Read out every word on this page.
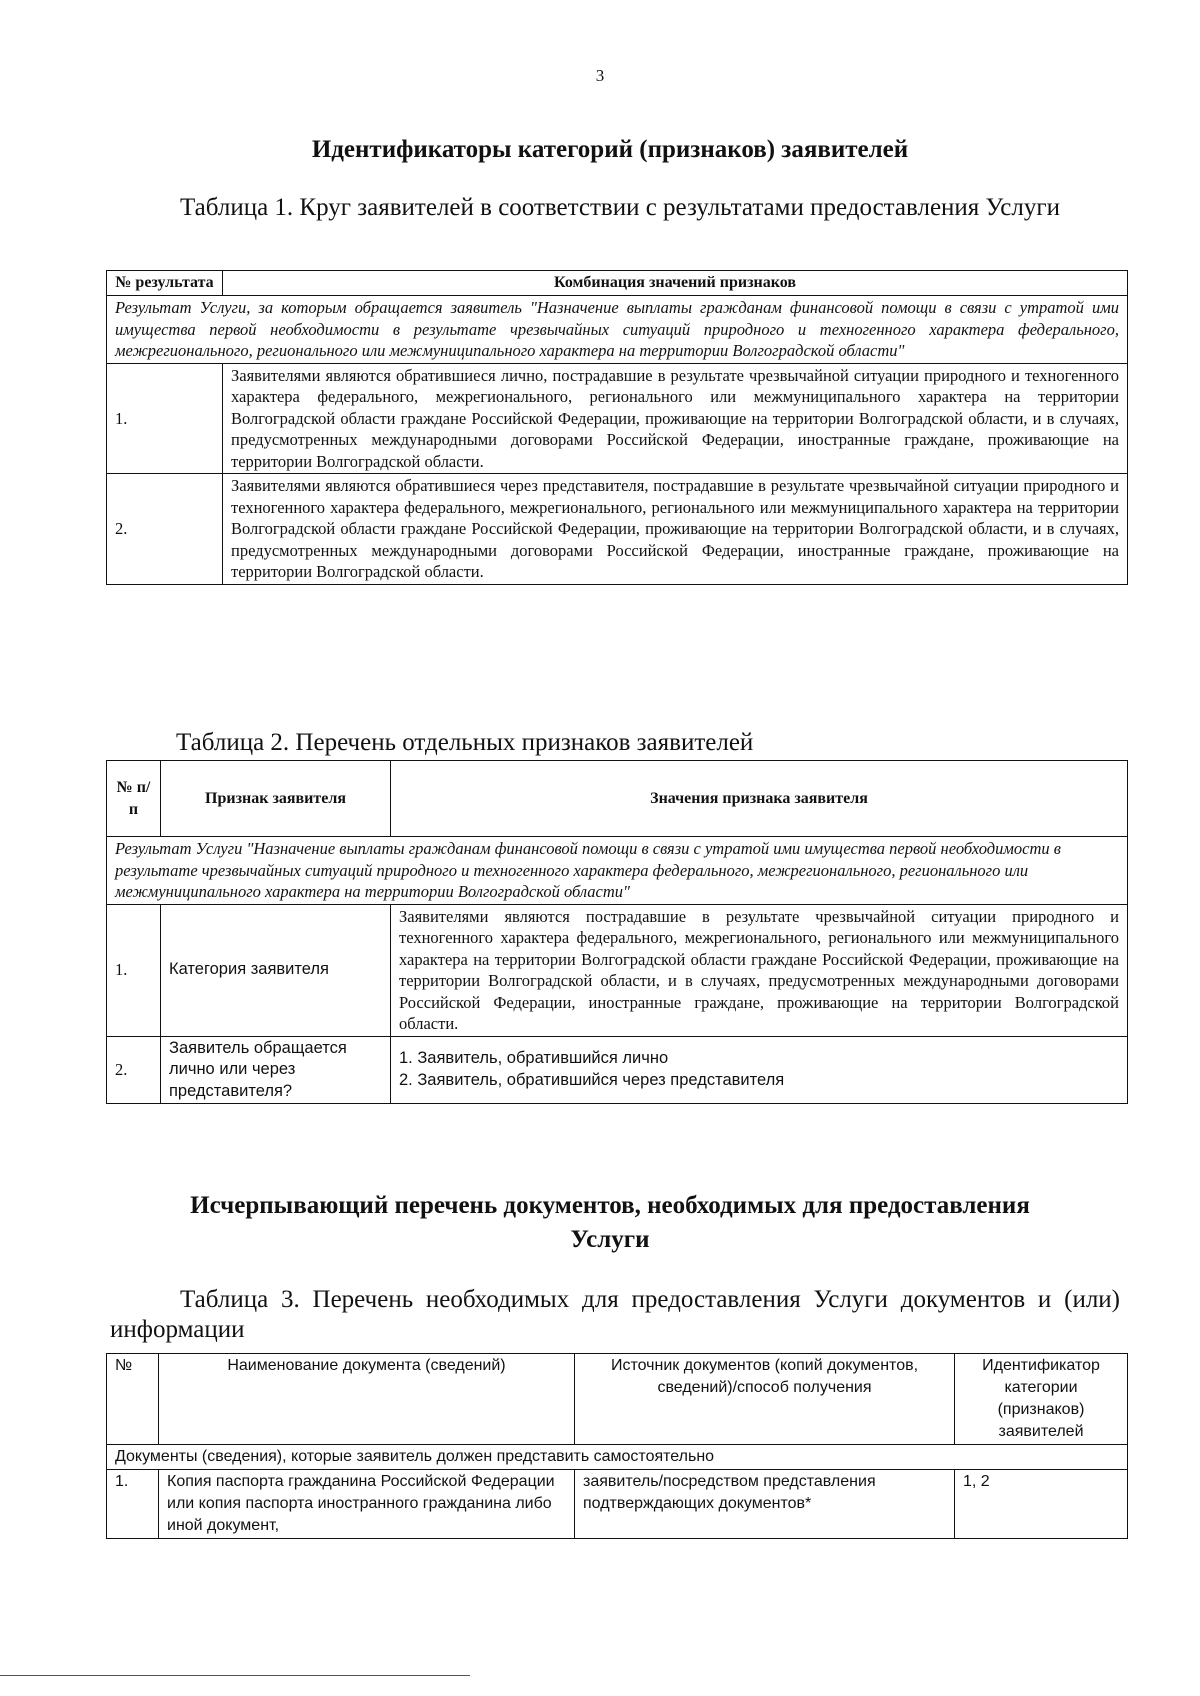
3
Идентификаторы категорий (признаков) заявителей
Таблица 1. Круг заявителей в соответствии с результатами предоставления Услуги
№ результата	Комбинация значений признаков
Результат Услуги, за которым обращается заявитель "Назначение выплаты гражданам финансовой помощи в связи с утратой ими имущества первой необходимости в результате чрезвычайных ситуаций природного и техногенного характера федерального, межрегионального, регионального или межмуниципального характера на территории Волгоградской области"	
1.	Заявителями являются обратившиеся лично, пострадавшие в результате чрезвычайной ситуации природного и техногенного характера федерального, межрегионального, регионального или межмуниципального характера на территории Волгоградской области граждане Российской Федерации, проживающие на территории Волгоградской области, и в случаях, предусмотренных международными договорами Российской Федерации, иностранные граждане, проживающие на территории Волгоградской области.
2.	Заявителями являются обратившиеся через представителя, пострадавшие в результате чрезвычайной ситуации природного и техногенного характера федерального, межрегионального, регионального или межмуниципального характера на территории Волгоградской области граждане Российской Федерации, проживающие на территории Волгоградской области, и в случаях, предусмотренных международными договорами Российской Федерации, иностранные граждане, проживающие на территории Волгоградской области.
Таблица 2. Перечень отдельных признаков заявителей
№ п/п	Признак заявителя	Значения признака заявителя
Результат Услуги "Назначение выплаты гражданам финансовой помощи в связи с утратой ими имущества первой необходимости в результате чрезвычайных ситуаций природного и техногенного характера федерального, межрегионального, регионального или межмуниципального характера на территории Волгоградской области"		
1.	Категория заявителя	Заявителями являются пострадавшие в результате чрезвычайной ситуации природного и техногенного характера федерального, межрегионального, регионального или межмуниципального характера на территории Волгоградской области граждане Российской Федерации, проживающие на территории Волгоградской области, и в случаях, предусмотренных международными договорами Российской Федерации, иностранные граждане, проживающие на территории Волгоградской области.
2.	Заявитель обращается лично или через представителя?	1. Заявитель, обратившийся лично
2. Заявитель, обратившийся через представителя
Исчерпывающий перечень документов, необходимых для предоставления
Услуги
Таблица 3. Перечень необходимых для предоставления Услуги документов и (или) информации
№	Наименование документа (сведений)	Источник документов (копий документов, сведений)/способ получения	Идентификатор категории (признаков) заявителей
Документы (сведения), которые заявитель должен представить самостоятельно			
1.	Копия паспорта гражданина Российской Федерации или копия паспорта иностранного гражданина либо иной документ,	заявитель/посредством представления подтверждающих документов*	1, 2
